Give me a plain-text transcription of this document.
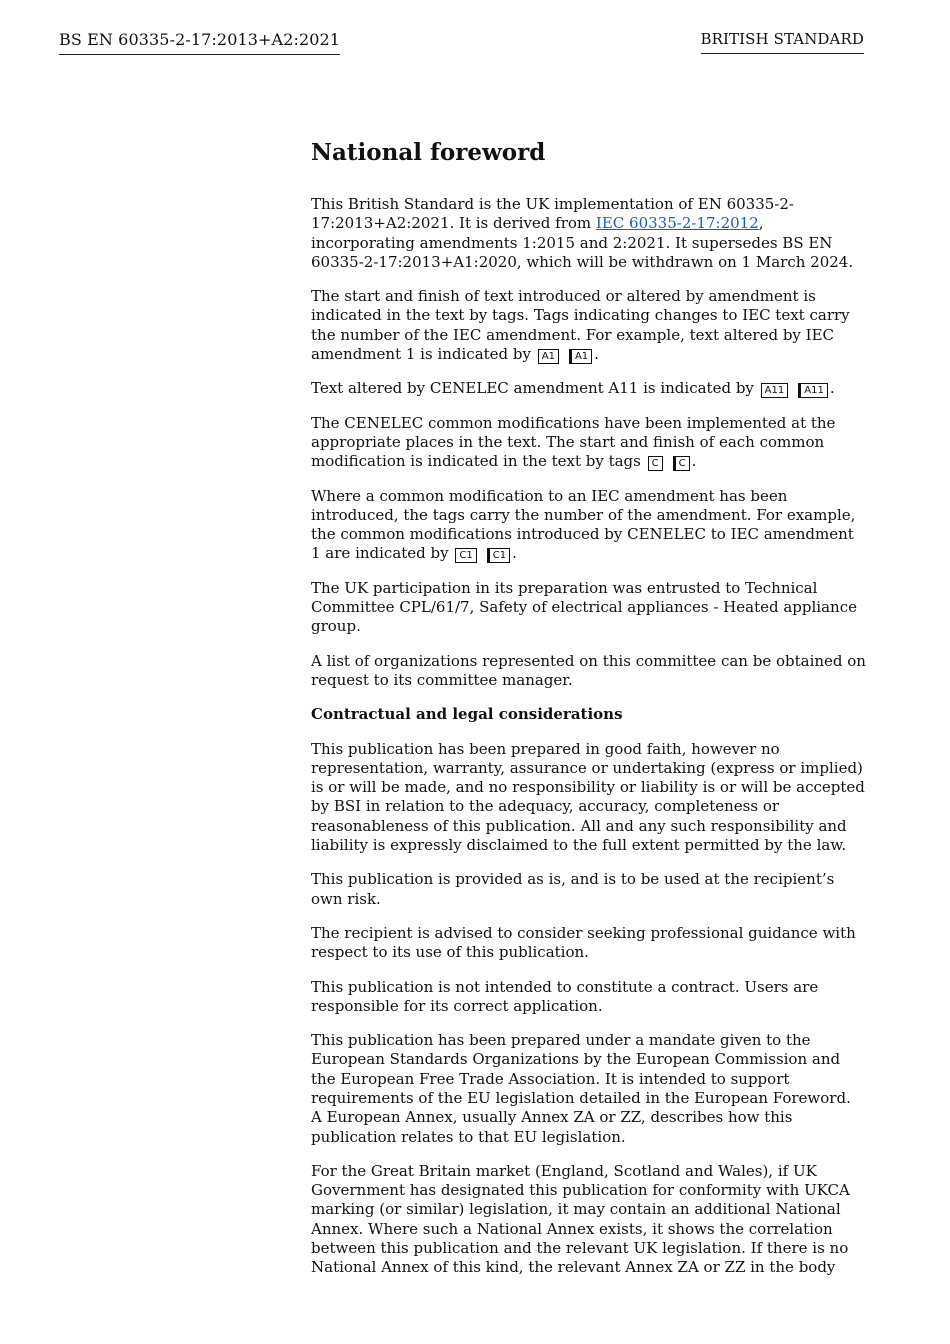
BS EN 60335-2-17:2013+A2:2021	BRITISH STANDARD
National foreword

This British Standard is the UK implementation of EN 60335-2-17:2013+A2:2021. It is derived from IEC 60335-2-17:2012, incorporating amendments 1:2015 and 2:2021. It supersedes BS EN 60335-2-17:2013+A1:2020, which will be withdrawn on 1 March 2024.

The start and finish of text introduced or altered by amendment is indicated in the text by tags. Tags indicating changes to IEC text carry the number of the IEC amendment. For example, text altered by IEC amendment 1 is indicated by A1 A1 .

Text altered by CENELEC amendment A11 is indicated by A11 A11 .

The CENELEC common modifications have been implemented at the appropriate places in the text. The start and finish of each common modification is indicated in the text by tags C C .

Where a common modification to an IEC amendment has been introduced, the tags carry the number of the amendment. For example, the common modifications introduced by CENELEC to IEC amendment 1 are indicated by C1 C1 .

The UK participation in its preparation was entrusted to Technical Committee CPL/61/7, Safety of electrical appliances - Heated appliance group.

A list of organizations represented on this committee can be obtained on request to its committee manager.

Contractual and legal considerations

This publication has been prepared in good faith, however no representation, warranty, assurance or undertaking (express or implied) is or will be made, and no responsibility or liability is or will be accepted by BSI in relation to the adequacy, accuracy, completeness or reasonableness of this publication. All and any such responsibility and liability is expressly disclaimed to the full extent permitted by the law.

This publication is provided as is, and is to be used at the recipient’s own risk.

The recipient is advised to consider seeking professional guidance with respect to its use of this publication.

This publication is not intended to constitute a contract. Users are responsible for its correct application.

This publication has been prepared under a mandate given to the European Standards Organizations by the European Commission and the European Free Trade Association. It is intended to support requirements of the EU legislation detailed in the European Foreword. A European Annex, usually Annex ZA or ZZ, describes how this publication relates to that EU legislation.

For the Great Britain market (England, Scotland and Wales), if UK Government has designated this publication for conformity with UKCA marking (or similar) legislation, it may contain an additional National Annex. Where such a National Annex exists, it shows the correlation between this publication and the relevant UK legislation. If there is no National Annex of this kind, the relevant Annex ZA or ZZ in the body
